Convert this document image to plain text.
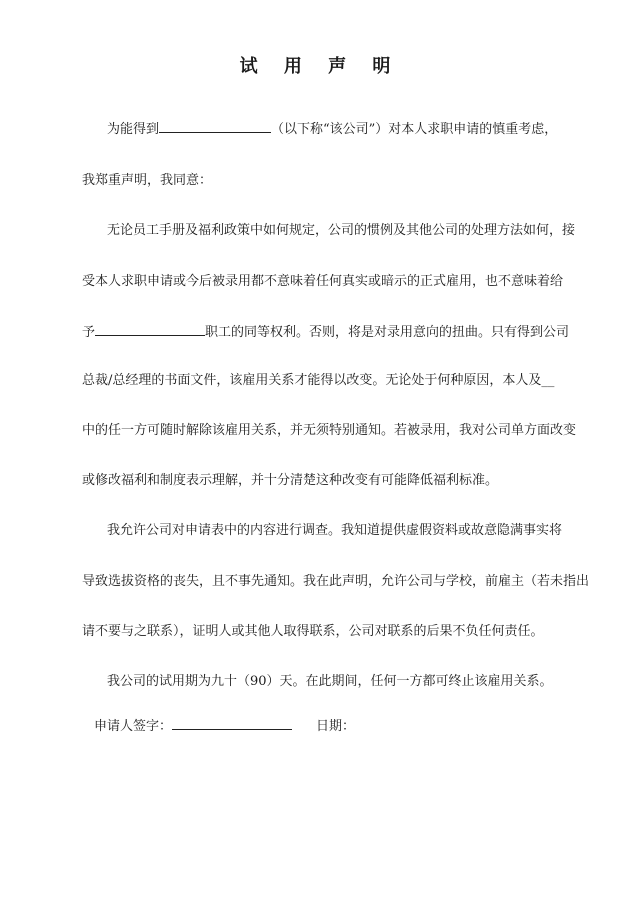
试 用 声 明
为能得到	（以下称“该公司”）对本人求职申请的慎重考虑，
我郑重声明，我同意：
无论员工手册及福利政策中如何规定，公司的惯例及其他公司的处理方法如何，接
受本人求职申请或今后被录用都不意味着任何真实或暗示的正式雇用，也不意味着给
予	职工的同等权利。否则，将是对录用意向的扭曲。只有得到公司
总裁/总经理的书面文件，该雇用关系才能得以改变。无论处于何种原因，本人及__
中的任一方可随时解除该雇用关系，并无须特别通知。若被录用，我对公司单方面改变
或修改福利和制度表示理解，并十分清楚这种改变有可能降低福利标准。
我允许公司对申请表中的内容进行调查。我知道提供虚假资料或故意隐满事实将
导致选拔资格的丧失，且不事先通知。我在此声明，允许公司与学校，前雇主（若未指出
请不要与之联系），证明人或其他人取得联系，公司对联系的后果不负任何责任。
我公司的试用期为九十（90）天。在此期间，任何一方都可终止该雇用关系。
申请人签字：	日期：
